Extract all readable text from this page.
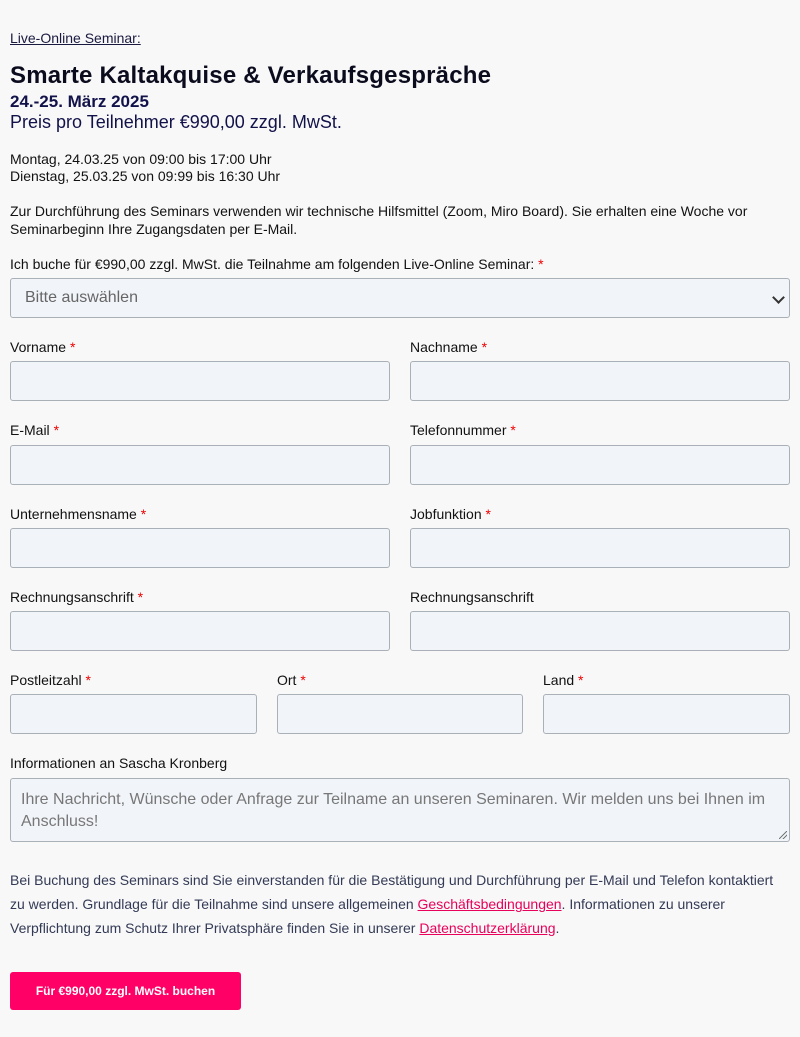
Live-Online Seminar:
Smarte Kaltakquise & Verkaufsgespräche
24.-25. März 2025
Preis pro Teilnehmer €990,00 zzgl. MwSt.
Montag, 24.03.25 von 09:00 bis 17:00 Uhr
Dienstag, 25.03.25 von 09:99 bis 16:30 Uhr
Zur Durchführung des Seminars verwenden wir technische Hilfsmittel (Zoom, Miro Board). Sie erhalten eine Woche vor Seminarbeginn Ihre Zugangsdaten per E-Mail.
Ich buche für €990,00 zzgl. MwSt. die Teilnahme am folgenden Live-Online Seminar: *
Bitte auswählen
Vorname *	Nachname *
E-Mail *	Telefonnummer *
Unternehmensname *	Jobfunktion *
Rechnungsanschrift *	Rechnungsanschrift
Postleitzahl *	Ort *	Land *
Informationen an Sascha Kronberg
Ihre Nachricht, Wünsche oder Anfrage zur Teilname an unseren Seminaren. Wir melden uns bei Ihnen im Anschluss!
Bei Buchung des Seminars sind Sie einverstanden für die Bestätigung und Durchführung per E-Mail und Telefon kontaktiert zu werden. Grundlage für die Teilnahme sind unsere allgemeinen Geschäftsbedingungen. Informationen zu unserer Verpflichtung zum Schutz Ihrer Privatsphäre finden Sie in unserer Datenschutzerklärung.
Für €990,00 zzgl. MwSt. buchen
